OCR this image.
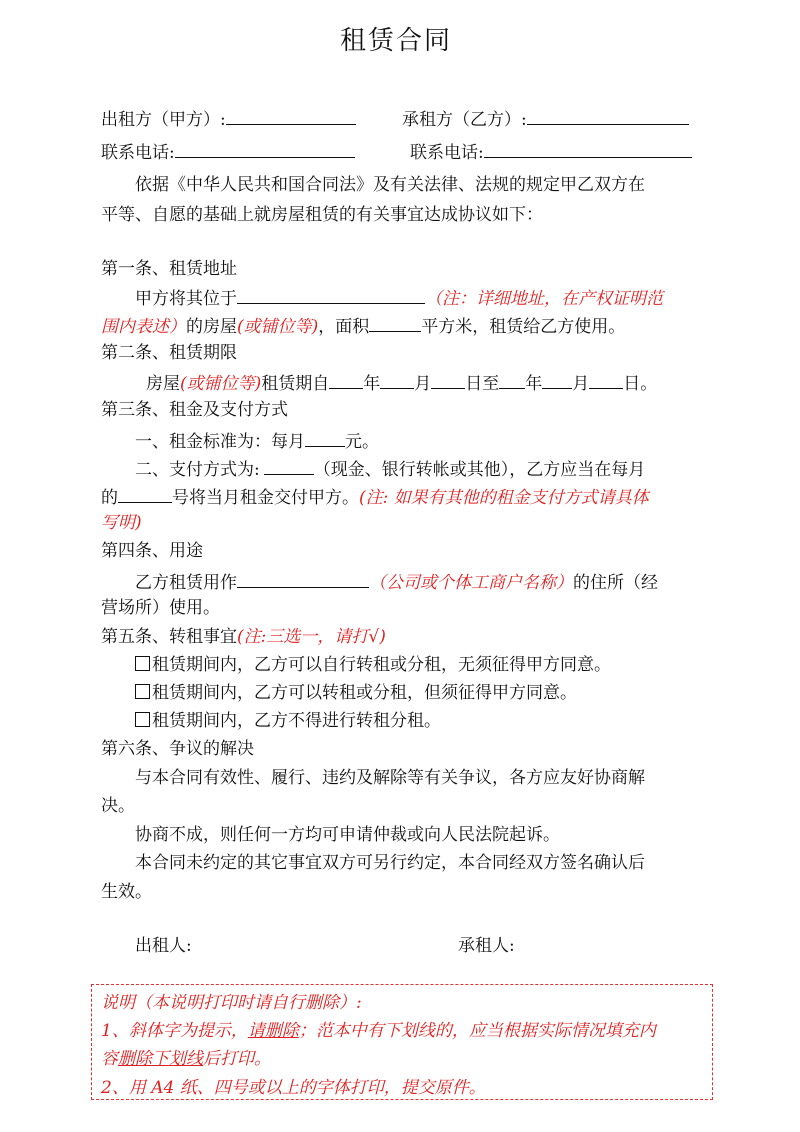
租赁合同
出租方（甲方）:	承租方（乙方）:
联系电话:	联系电话:
依据《中华人民共和国合同法》及有关法律、法规的规定甲乙双方在
平等、自愿的基础上就房屋租赁的有关事宜达成协议如下：
第一条、租赁地址
甲方将其位于	（注：详细地址，在产权证明范
围内表述）的房屋(或铺位等)，面积	平方米，租赁给乙方使用。
第二条、租赁期限
房屋(或铺位等)租赁期自 年 月 日至 年 月 日。
第三条、租金及支付方式
一、租金标准为：每月 元。
二、支付方式为:	（现金、银行转帐或其他），乙方应当在每月
的	号将当月租金交付甲方。(注: 如果有其他的租金支付方式请具体
写明)
第四条、用途
乙方租赁用作	（公司或个体工商户名称）的住所（经
营场所）使用。
第五条、转租事宜(注:三选一，请打√)
租赁期间内，乙方可以自行转租或分租，无须征得甲方同意。
租赁期间内，乙方可以转租或分租，但须征得甲方同意。
租赁期间内，乙方不得进行转租分租。
第六条、争议的解决
与本合同有效性、履行、违约及解除等有关争议，各方应友好协商解
决。
协商不成，则任何一方均可申请仲裁或向人民法院起诉。
本合同未约定的其它事宜双方可另行约定，本合同经双方签名确认后
生效。
出租人:	承租人:
说明（本说明打印时请自行删除）:
1、斜体字为提示，请删除；范本中有下划线的，应当根据实际情况填充内
容删除下划线后打印。
2、用 A4 纸、四号或以上的字体打印，提交原件。
